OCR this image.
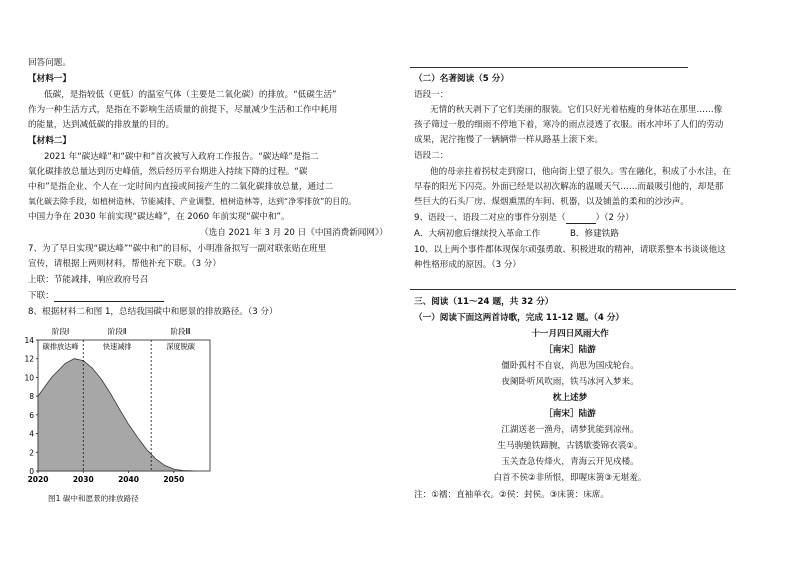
回答问题。
【材料一】
低碳，是指较低（更低）的温室气体（主要是二氧化碳）的排放。“低碳生活”
作为一种生活方式，是指在不影响生活质量的前提下，尽量减少生活和工作中耗用
的能量，达到减低碳的排放量的目的。
【材料二】
2021 年“碳达峰”和“碳中和”首次被写入政府工作报告。“碳达峰”是指二
氧化碳排放总量达到历史峰值，然后经历平台期进入持续下降的过程。“碳
中和”是指企业、个人在一定时间内直接或间接产生的二氧化碳排放总量，通过二
氧化碳去除手段，如植树造林、节能减排、产业调整、植树造林等，达到“净零排放”的目的。
中国力争在 2030 年前实现“碳达峰”，在 2060 年前实现“碳中和”。
（选自 2021 年 3 月 20 日《中国消费新闻网》）
7、为了早日实现“碳达峰”“碳中和”的目标，小明准备拟写一副对联张贴在班里
宣传，请根据上两则材料，帮他补充下联。（3 分）
上联：节能减排，响应政府号召
下联：
8、根据材料二和图 1，总结我国碳中和愿景的排放路径。（3 分）
0
2
4
6
8
10
12
14
2020	2030	2040	2050
阶段Ⅰ
碳排放达峰
阶段Ⅱ
快速减排
阶段Ⅲ
深度脱碳
图1 碳中和愿景的排放路径
（二）名著阅读（5 分）
语段一：
无情的秋天剥下了它们美丽的服装。它们只好光着枯瘦的身体站在那里……像
孩子筛过一般的细雨不停地下着，寒冷的雨点浸透了衣服。雨水冲坏了人们的劳动
成果，泥泞拖慢了一辆辆带一样从路基上滚下来。
语段二：
他的母亲拄着拐杖走到窗口，他向街上望了很久。雪在融化，积成了小水洼，在
早春的阳光下闪亮。外面已经是以初次解冻的温暖天气……而最吸引他的，却是那
些巨大的石头厂房、煤烟熏黑的车间、机器，以及铺盖的柔和的沙沙声。
9、语段一、语段二对应的事件分别是（	）（2 分）
A．大病初愈后继续投入革命工作	B．修建铁路
10、以上两个事件都体现保尔顽强勇敢、积极进取的精神，请联系整本书谈谈他这
种性格形成的原因。（3 分）
三、阅读（11～24 题，共 32 分）
（一）阅读下面这两首诗歌，完成 11-12 题。（4 分）
十一月四日风雨大作
［南宋］陆游
僵卧孤村不自哀，尚思为国戍轮台。
夜阑卧听风吹雨，铁马冰河入梦来。
枕上述梦
［南宋］陆游
江湖送老一渔舟，请梦犹能到凉州。
生马驹驰铁蹄腕，古锈歇娄锦衣裘①。
玉关查急传烽火，青海云开见戍楼。
白首不侯②非所恨，即喔床箦③无堪羞。
注：①襦：直袖单衣。②侯：封侯。③床箦：床席。
